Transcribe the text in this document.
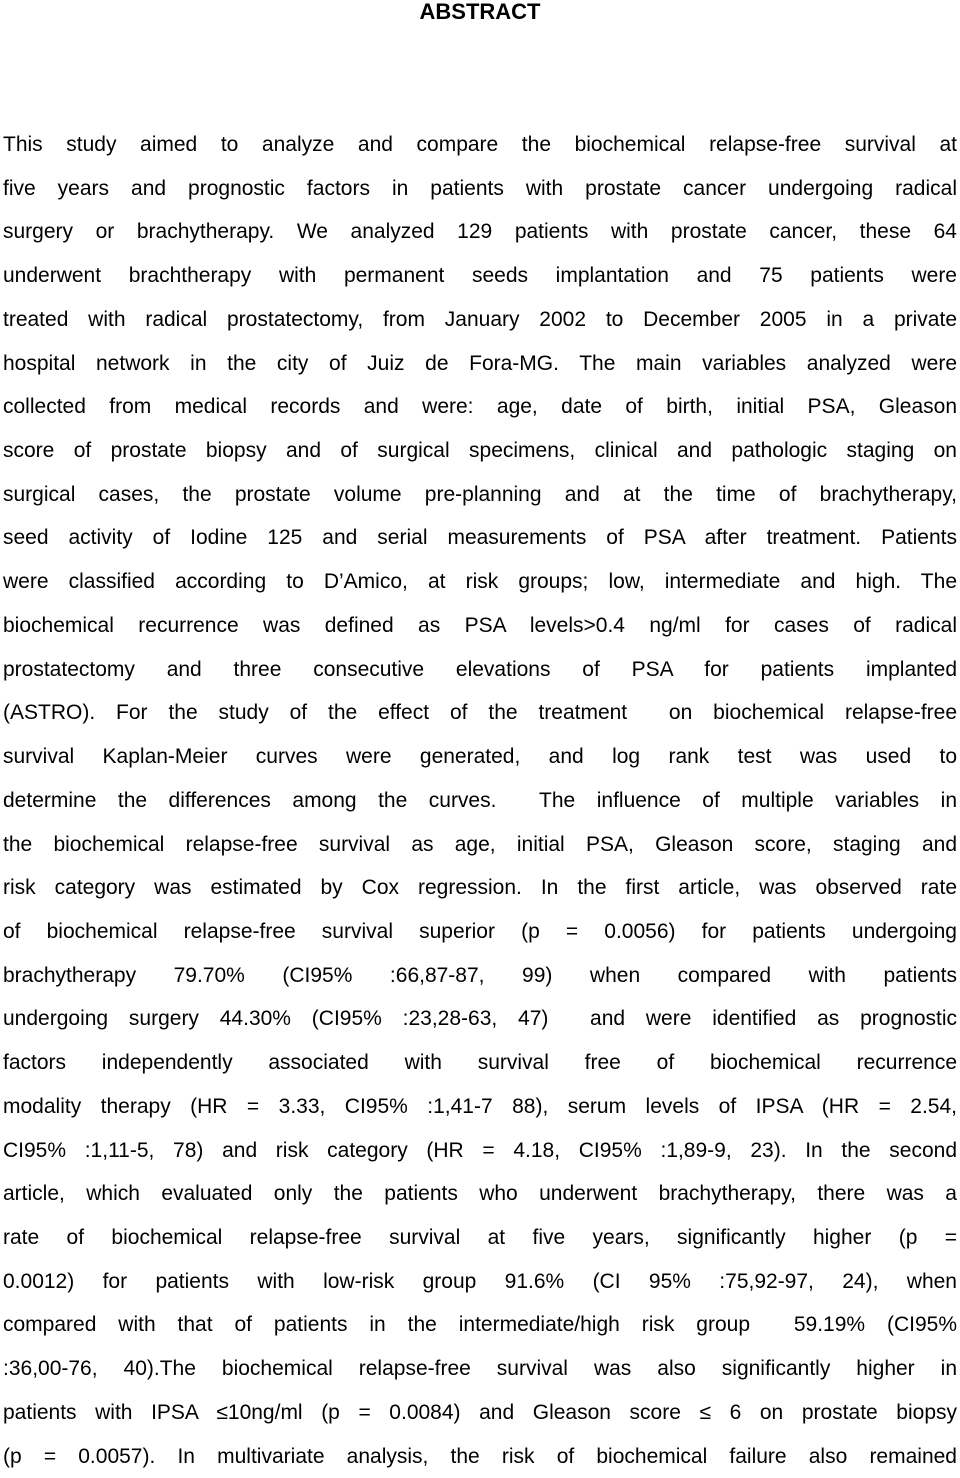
ABSTRACT
This study aimed to analyze and compare the biochemical relapse-free survival at
five years and prognostic factors in patients with prostate cancer undergoing radical
surgery or brachytherapy. We analyzed 129 patients with prostate cancer, these 64
underwent brachtherapy with permanent seeds implantation and 75 patients were
treated with radical prostatectomy, from January 2002 to December 2005 in a private
hospital network in the city of Juiz de Fora-MG. The main variables analyzed were
collected from medical records and were: age, date of birth, initial PSA, Gleason
score of prostate biopsy and of surgical specimens, clinical and pathologic staging on
surgical cases, the prostate volume pre-planning and at the time of brachytherapy,
seed activity of Iodine 125 and serial measurements of PSA after treatment. Patients
were classified according to D’Amico, at risk groups; low, intermediate and high. The
biochemical recurrence was defined as PSA levels>0.4 ng/ml for cases of radical
prostatectomy and three consecutive elevations of PSA for patients implanted
(ASTRO). For the study of the effect of the treatment  on biochemical relapse-free
survival Kaplan-Meier curves were generated, and log rank test was used to
determine the differences among the curves.  The influence of multiple variables in
the biochemical relapse-free survival as age, initial PSA, Gleason score, staging and
risk category was estimated by Cox regression. In the first article, was observed rate
of biochemical relapse-free survival superior (p = 0.0056) for patients undergoing
brachytherapy 79.70% (CI95% :66,87-87, 99) when compared with patients
undergoing surgery 44.30% (CI95% :23,28-63, 47)  and were identified as prognostic
factors independently associated with survival free of biochemical recurrence
modality therapy (HR = 3.33, CI95% :1,41-7 88), serum levels of IPSA (HR = 2.54,
CI95% :1,11-5, 78) and risk category (HR = 4.18, CI95% :1,89-9, 23). In the second
article, which evaluated only the patients who underwent brachytherapy, there was a
rate of biochemical relapse-free survival at five years, significantly higher (p =
0.0012) for patients with low-risk group 91.6% (CI 95% :75,92-97, 24), when
compared with that of patients in the intermediate/high risk group  59.19% (CI95%
:36,00-76, 40).The biochemical relapse-free survival was also significantly higher in
patients with IPSA ≤10ng/ml (p = 0.0084) and Gleason score ≤ 6 on prostate biopsy
(p = 0.0057). In multivariate analysis, the risk of biochemical failure also remained
